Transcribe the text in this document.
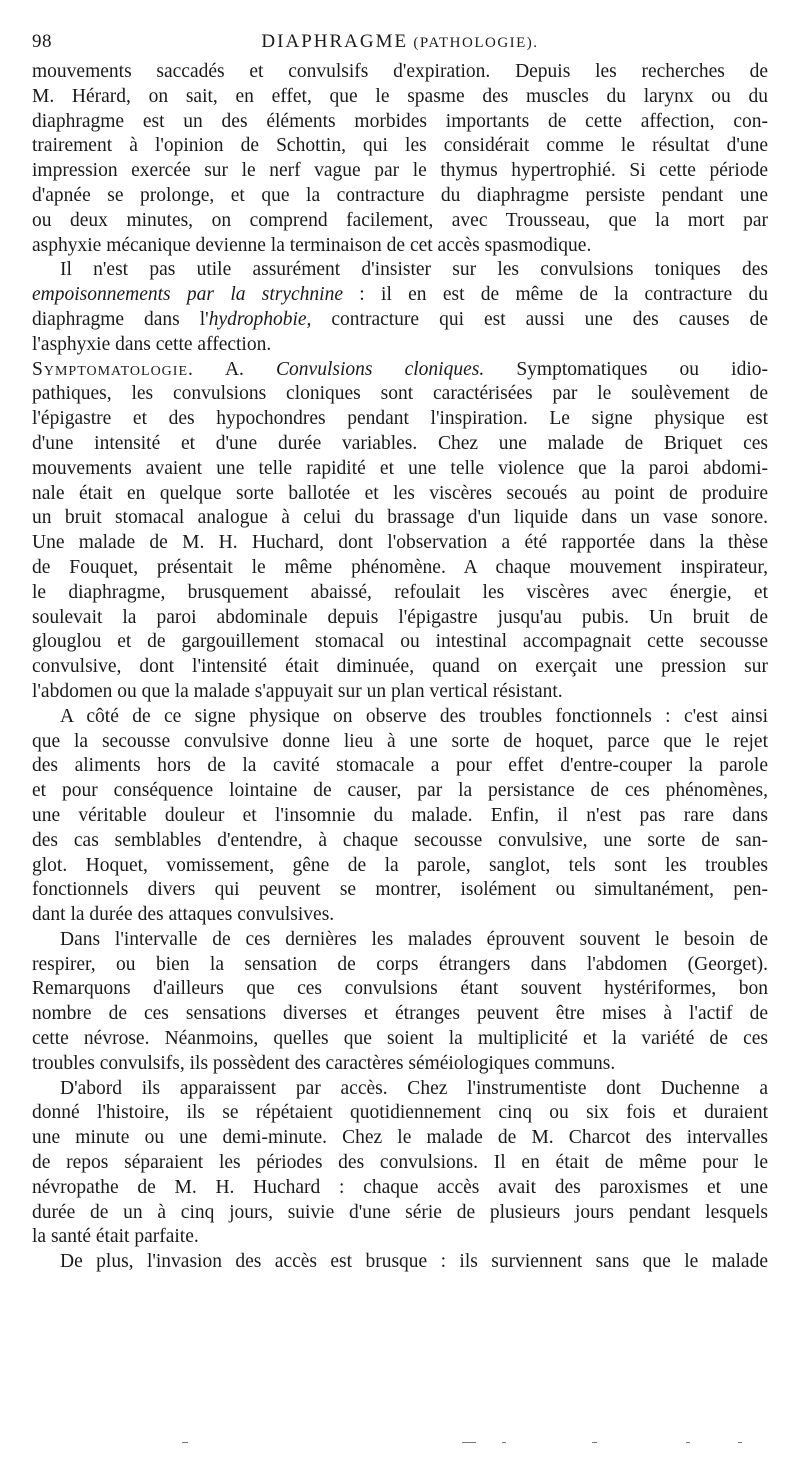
98	DIAPHRAGME (PATHOLOGIE).
mouvements saccadés et convulsifs d'expiration. Depuis les recherches de
M. Hérard, on sait, en effet, que le spasme des muscles du larynx ou du
diaphragme est un des éléments morbides importants de cette affection, con-
trairement à l'opinion de Schottin, qui les considérait comme le résultat d'une
impression exercée sur le nerf vague par le thymus hypertrophié. Si cette période
d'apnée se prolonge, et que la contracture du diaphragme persiste pendant une
ou deux minutes, on comprend facilement, avec Trousseau, que la mort par
asphyxie mécanique devienne la terminaison de cet accès spasmodique.
Il n'est pas utile assurément d'insister sur les convulsions toniques des
empoisonnements par la strychnine : il en est de même de la contracture du
diaphragme dans l'hydrophobie, contracture qui est aussi une des causes de
l'asphyxie dans cette affection.
Symptomatologie. A. Convulsions cloniques. Symptomatiques ou idio-
pathiques, les convulsions cloniques sont caractérisées par le soulèvement de
l'épigastre et des hypochondres pendant l'inspiration. Le signe physique est
d'une intensité et d'une durée variables. Chez une malade de Briquet ces
mouvements avaient une telle rapidité et une telle violence que la paroi abdomi-
nale était en quelque sorte ballotée et les viscères secoués au point de produire
un bruit stomacal analogue à celui du brassage d'un liquide dans un vase sonore.
Une malade de M. H. Huchard, dont l'observation a été rapportée dans la thèse
de Fouquet, présentait le même phénomène. A chaque mouvement inspirateur,
le diaphragme, brusquement abaissé, refoulait les viscères avec énergie, et
soulevait la paroi abdominale depuis l'épigastre jusqu'au pubis. Un bruit de
glouglou et de gargouillement stomacal ou intestinal accompagnait cette secousse
convulsive, dont l'intensité était diminuée, quand on exerçait une pression sur
l'abdomen ou que la malade s'appuyait sur un plan vertical résistant.
A côté de ce signe physique on observe des troubles fonctionnels : c'est ainsi
que la secousse convulsive donne lieu à une sorte de hoquet, parce que le rejet
des aliments hors de la cavité stomacale a pour effet d'entre-couper la parole
et pour conséquence lointaine de causer, par la persistance de ces phénomènes,
une véritable douleur et l'insomnie du malade. Enfin, il n'est pas rare dans
des cas semblables d'entendre, à chaque secousse convulsive, une sorte de san-
glot. Hoquet, vomissement, gêne de la parole, sanglot, tels sont les troubles
fonctionnels divers qui peuvent se montrer, isolément ou simultanément, pen-
dant la durée des attaques convulsives.
Dans l'intervalle de ces dernières les malades éprouvent souvent le besoin de
respirer, ou bien la sensation de corps étrangers dans l'abdomen (Georget).
Remarquons d'ailleurs que ces convulsions étant souvent hystériformes, bon
nombre de ces sensations diverses et étranges peuvent être mises à l'actif de
cette névrose. Néanmoins, quelles que soient la multiplicité et la variété de ces
troubles convulsifs, ils possèdent des caractères séméiologiques communs.
D'abord ils apparaissent par accès. Chez l'instrumentiste dont Duchenne a
donné l'histoire, ils se répétaient quotidiennement cinq ou six fois et duraient
une minute ou une demi-minute. Chez le malade de M. Charcot des intervalles
de repos séparaient les périodes des convulsions. Il en était de même pour le
névropathe de M. H. Huchard : chaque accès avait des paroxismes et une
durée de un à cinq jours, suivie d'une série de plusieurs jours pendant lesquels
la santé était parfaite.
De plus, l'invasion des accès est brusque : ils surviennent sans que le malade
